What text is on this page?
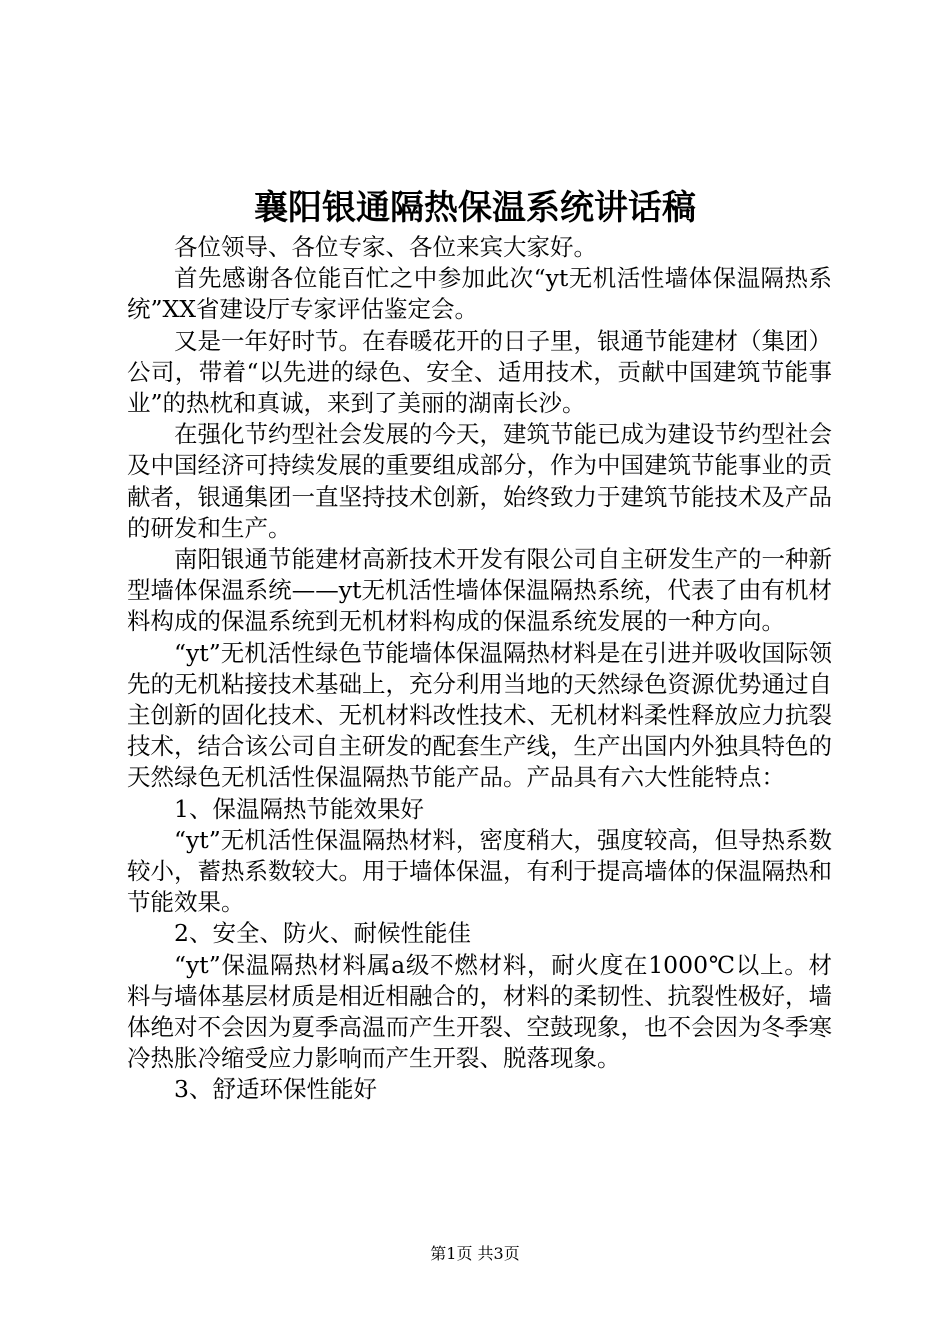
襄阳银通隔热保温系统讲话稿

各位领导、各位专家、各位来宾大家好。

首先感谢各位能百忙之中参加此次“yt无机活性墙体保温隔热系统”XX省建设厅专家评估鉴定会。

又是一年好时节。在春暖花开的日子里，银通节能建材（集团）公司，带着“以先进的绿色、安全、适用技术，贡献中国建筑节能事业”的热枕和真诚，来到了美丽的湖南长沙。

在强化节约型社会发展的今天，建筑节能已成为建设节约型社会及中国经济可持续发展的重要组成部分，作为中国建筑节能事业的贡献者，银通集团一直坚持技术创新，始终致力于建筑节能技术及产品的研发和生产。

南阳银通节能建材高新技术开发有限公司自主研发生产的一种新型墙体保温系统——yt无机活性墙体保温隔热系统，代表了由有机材料构成的保温系统到无机材料构成的保温系统发展的一种方向。

“yt”无机活性绿色节能墙体保温隔热材料是在引进并吸收国际领先的无机粘接技术基础上，充分利用当地的天然绿色资源优势通过自主创新的固化技术、无机材料改性技术、无机材料柔性释放应力抗裂技术，结合该公司自主研发的配套生产线，生产出国内外独具特色的天然绿色无机活性保温隔热节能产品。产品具有六大性能特点：

1、保温隔热节能效果好

“yt”无机活性保温隔热材料，密度稍大，强度较高，但导热系数较小，蓄热系数较大。用于墙体保温，有利于提高墙体的保温隔热和节能效果。

2、安全、防火、耐候性能佳

“yt”保温隔热材料属a级不燃材料，耐火度在1000℃以上。材料与墙体基层材质是相近相融合的，材料的柔韧性、抗裂性极好，墙体绝对不会因为夏季高温而产生开裂、空鼓现象，也不会因为冬季寒冷热胀冷缩受应力影响而产生开裂、脱落现象。

3、舒适环保性能好

第1页 共3页
